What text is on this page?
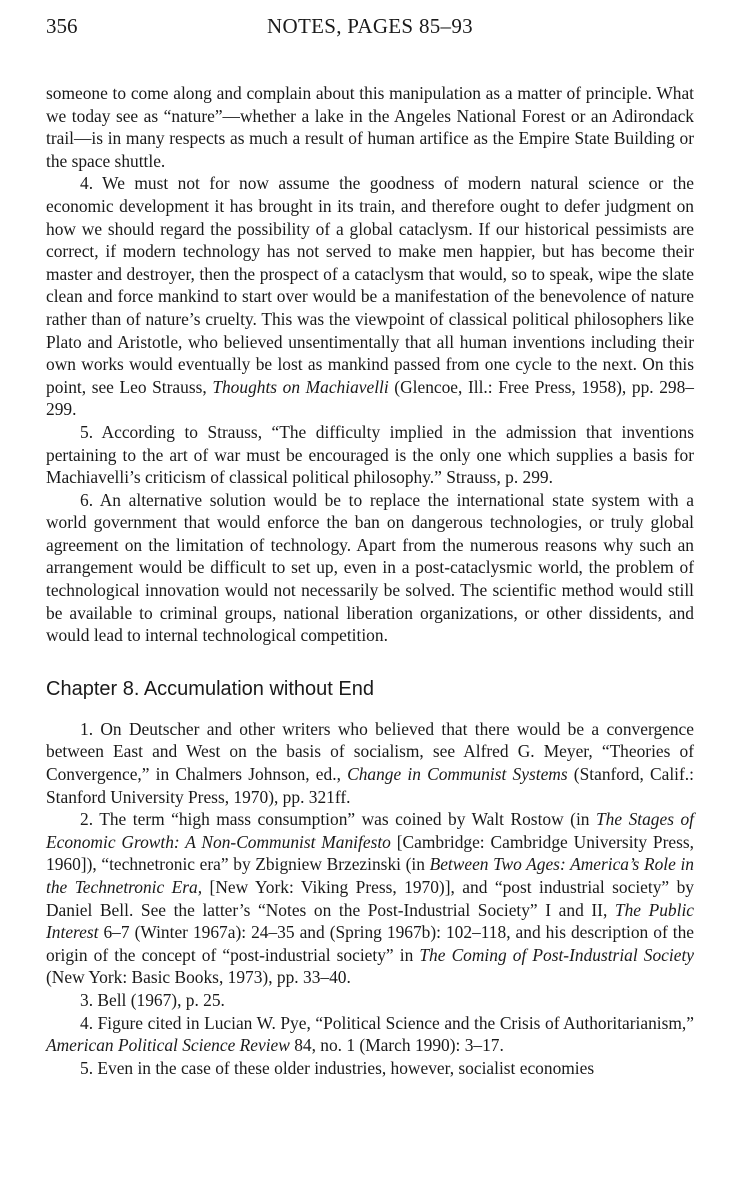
356	NOTES, PAGES 85–93

someone to come along and complain about this manipulation as a matter of principle. What we today see as “nature”—whether a lake in the Angeles National Forest or an Adirondack trail—is in many respects as much a result of human artifice as the Empire State Building or the space shuttle.

4. We must not for now assume the goodness of modern natural science or the economic development it has brought in its train, and therefore ought to defer judgment on how we should regard the possibility of a global cataclysm. If our historical pessimists are correct, if modern technology has not served to make men happier, but has become their master and destroyer, then the prospect of a cataclysm that would, so to speak, wipe the slate clean and force mankind to start over would be a manifestation of the benevolence of nature rather than of nature’s cruelty. This was the viewpoint of classical political philosophers like Plato and Aristotle, who believed unsentimentally that all human inventions including their own works would eventually be lost as mankind passed from one cycle to the next. On this point, see Leo Strauss, Thoughts on Machiavelli (Glencoe, Ill.: Free Press, 1958), pp. 298–299.

5. According to Strauss, “The difficulty implied in the admission that inventions pertaining to the art of war must be encouraged is the only one which supplies a basis for Machiavelli’s criticism of classical political philosophy.” Strauss, p. 299.

6. An alternative solution would be to replace the international state system with a world government that would enforce the ban on dangerous technologies, or truly global agreement on the limitation of technology. Apart from the numerous reasons why such an arrangement would be difficult to set up, even in a post-cataclysmic world, the problem of technological innovation would not necessarily be solved. The scientific method would still be available to criminal groups, national liberation organizations, or other dissidents, and would lead to internal technological competition.

Chapter 8. Accumulation without End

1. On Deutscher and other writers who believed that there would be a convergence between East and West on the basis of socialism, see Alfred G. Meyer, “Theories of Convergence,” in Chalmers Johnson, ed., Change in Communist Systems (Stanford, Calif.: Stanford University Press, 1970), pp. 321ff.

2. The term “high mass consumption” was coined by Walt Rostow (in The Stages of Economic Growth: A Non-Communist Manifesto [Cambridge: Cambridge University Press, 1960]), “technetronic era” by Zbigniew Brzezinski (in Between Two Ages: America’s Role in the Technetronic Era, [New York: Viking Press, 1970)], and “post industrial society” by Daniel Bell. See the latter’s “Notes on the Post-Industrial Society” I and II, The Public Interest 6–7 (Winter 1967a): 24–35 and (Spring 1967b): 102–118, and his description of the origin of the concept of “post-industrial society” in The Coming of Post-Industrial Society (New York: Basic Books, 1973), pp. 33–40.

3. Bell (1967), p. 25.

4. Figure cited in Lucian W. Pye, “Political Science and the Crisis of Authoritarianism,” American Political Science Review 84, no. 1 (March 1990): 3–17.

5. Even in the case of these older industries, however, socialist economies
